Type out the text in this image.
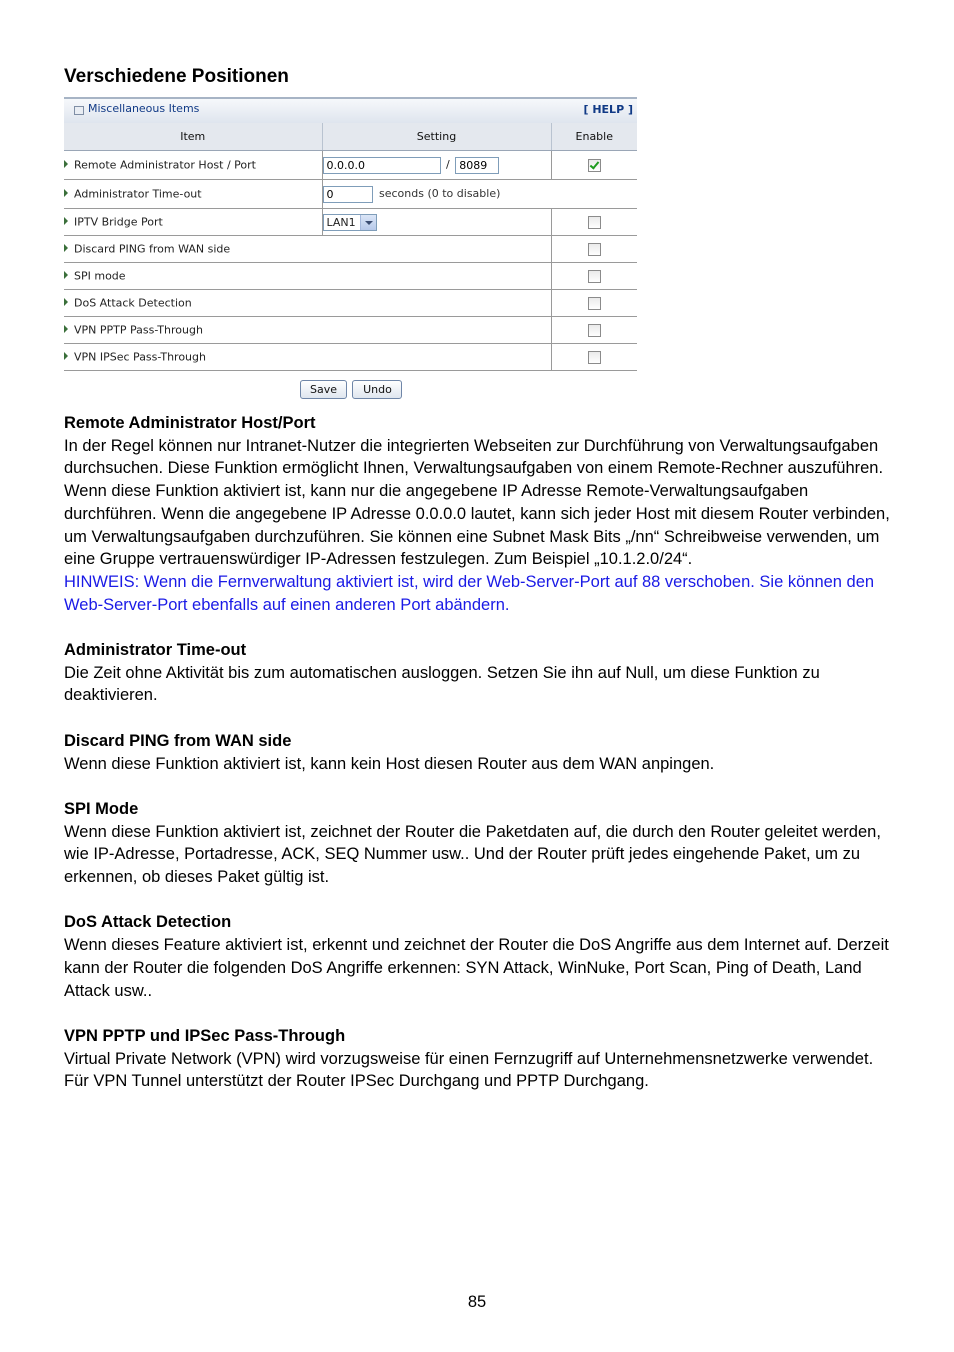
Verschiedene Positionen
Miscellaneous Items	[ HELP ]
Item	Setting	Enable
Remote Administrator Host / Port	0.0.0.0/ 8089	
Administrator Time-out	0seconds (0 to disable)
IPTV Bridge Port	LAN1	

Discard PING from WAN side		
SPI mode		
DoS Attack Detection		
VPN PPTP Pass-Through		
VPN IPSec Pass-Through		
Save Undo
Remote Administrator Host/Port
In der Regel können nur Intranet-Nutzer die integrierten Webseiten zur Durchführung von Verwaltungsaufgaben durchsuchen. Diese Funktion ermöglicht Ihnen, Verwaltungsaufgaben von einem Remote-Rechner auszuführen. Wenn diese Funktion aktiviert ist, kann nur die angegebene IP Adresse Remote-Verwaltungsaufgaben durchführen. Wenn die angegebene IP Adresse 0.0.0.0 lautet, kann sich jeder Host mit diesem Router verbinden, um Verwaltungsaufgaben durchzuführen. Sie können eine Subnet Mask Bits „/nn“ Schreibweise verwenden, um eine Gruppe vertrauenswürdiger IP-Adressen festzulegen. Zum Beispiel „10.1.2.0/24“.
HINWEIS: Wenn die Fernverwaltung aktiviert ist, wird der Web-Server-Port auf 88 verschoben. Sie können den Web-Server-Port ebenfalls auf einen anderen Port abändern.
Administrator Time-out
Die Zeit ohne Aktivität bis zum automatischen ausloggen. Setzen Sie ihn auf Null, um diese Funktion zu deaktivieren.
Discard PING from WAN side
Wenn diese Funktion aktiviert ist, kann kein Host diesen Router aus dem WAN anpingen.
SPI Mode
Wenn diese Funktion aktiviert ist, zeichnet der Router die Paketdaten auf, die durch den Router geleitet werden, wie IP-Adresse, Portadresse, ACK, SEQ Nummer usw.. Und der Router prüft jedes eingehende Paket, um zu erkennen, ob dieses Paket gültig ist.
DoS Attack Detection
Wenn dieses Feature aktiviert ist, erkennt und zeichnet der Router die DoS Angriffe aus dem Internet auf. Derzeit kann der Router die folgenden DoS Angriffe erkennen: SYN Attack, WinNuke, Port Scan, Ping of Death, Land Attack usw..
VPN PPTP und IPSec Pass-Through
Virtual Private Network (VPN) wird vorzugsweise für einen Fernzugriff auf Unternehmensnetzwerke verwendet. Für VPN Tunnel unterstützt der Router IPSec Durchgang und PPTP Durchgang.
85
